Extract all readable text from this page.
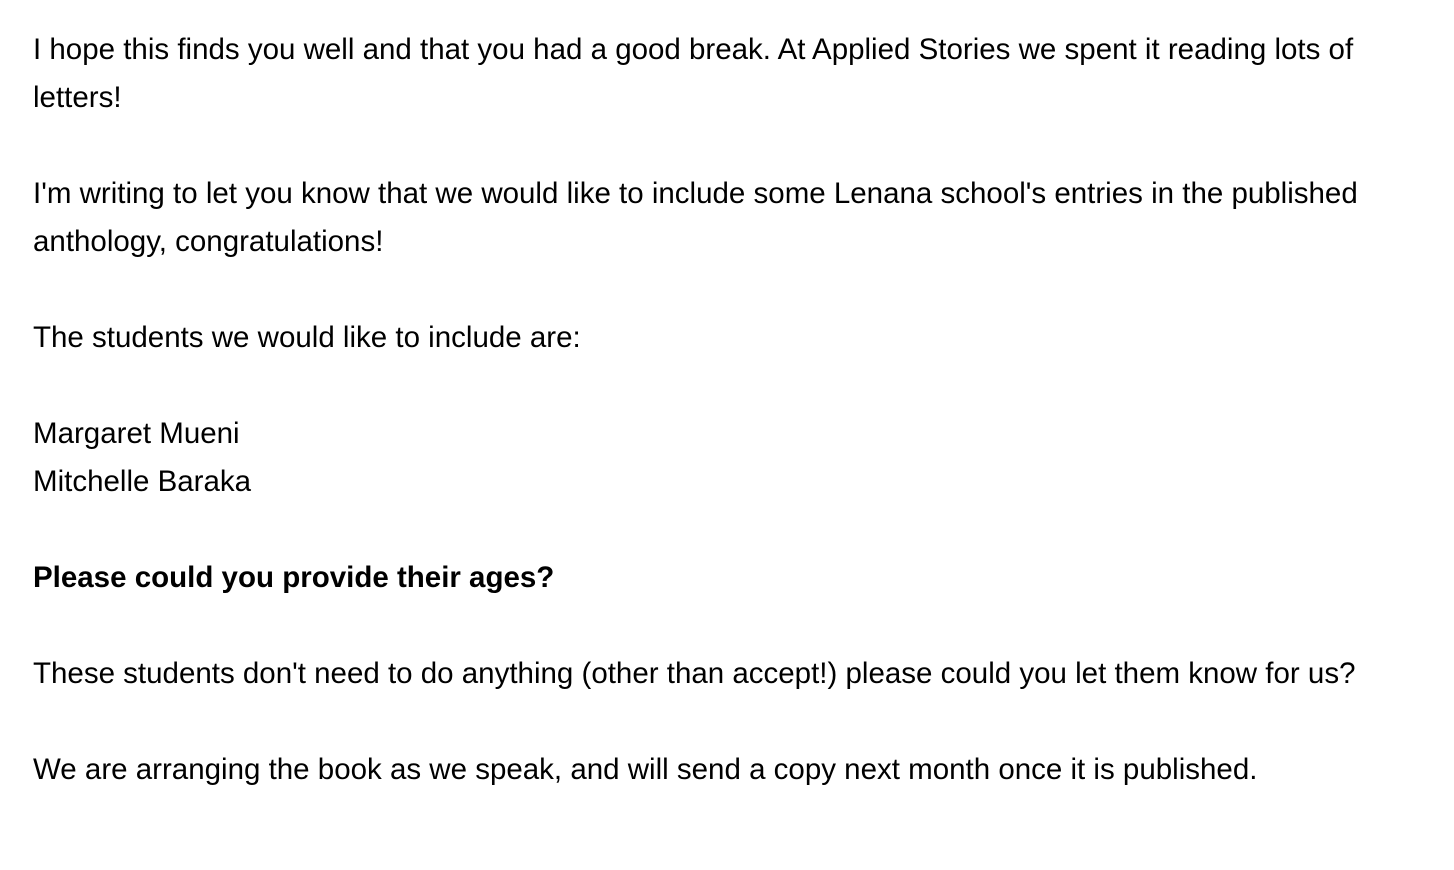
I hope this finds you well and that you had a good break. At Applied Stories we spent it reading lots of letters!

I'm writing to let you know that we would like to include some Lenana school's entries in the published anthology, congratulations!

The students we would like to include are:

Margaret Mueni
Mitchelle Baraka

Please could you provide their ages?

These students don't need to do anything (other than accept!) please could you let them know for us?

We are arranging the book as we speak, and will send a copy next month once it is published.
